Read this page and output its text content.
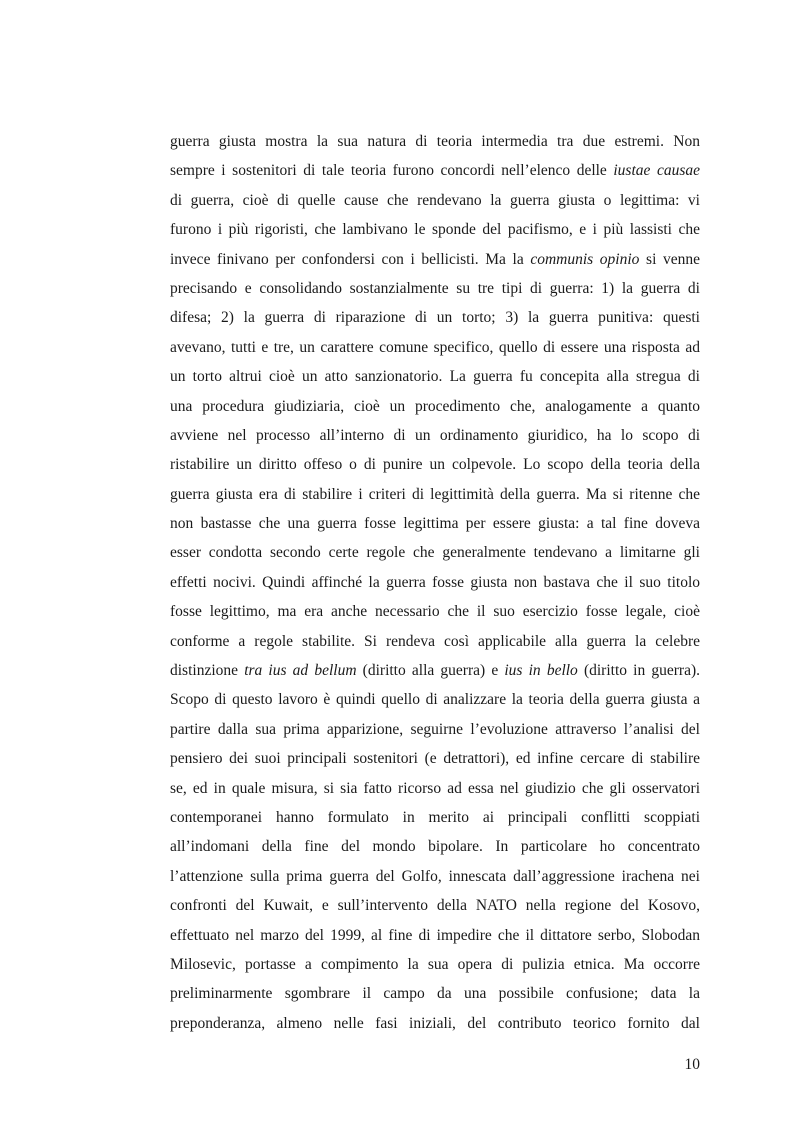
guerra giusta mostra la sua natura di teoria intermedia tra due estremi. Non
sempre i sostenitori di tale teoria furono concordi nell’elenco delle iustae causae
di guerra, cioè di quelle cause che rendevano la guerra giusta o legittima: vi
furono i più rigoristi, che lambivano le sponde del pacifismo, e i più lassisti che
invece finivano per confondersi con i bellicisti. Ma la communis opinio si venne
precisando e consolidando sostanzialmente su tre tipi di guerra: 1) la guerra di
difesa; 2) la guerra di riparazione di un torto; 3) la guerra punitiva: questi
avevano, tutti e tre, un carattere comune specifico, quello di essere una risposta ad
un torto altrui cioè un atto sanzionatorio. La guerra fu concepita alla stregua di
una procedura giudiziaria, cioè un procedimento che, analogamente a quanto
avviene nel processo all’interno di un ordinamento giuridico, ha lo scopo di
ristabilire un diritto offeso o di punire un colpevole. Lo scopo della teoria della
guerra giusta era di stabilire i criteri di legittimità della guerra. Ma si ritenne che
non bastasse che una guerra fosse legittima per essere giusta: a tal fine doveva
esser condotta secondo certe regole che generalmente tendevano a limitarne gli
effetti nocivi. Quindi affinché la guerra fosse giusta non bastava che il suo titolo
fosse legittimo, ma era anche necessario che il suo esercizio fosse legale, cioè
conforme a regole stabilite. Si rendeva così applicabile alla guerra la celebre
distinzione tra ius ad bellum (diritto alla guerra) e ius in bello (diritto in guerra).
Scopo di questo lavoro è quindi quello di analizzare la teoria della guerra giusta a
partire dalla sua prima apparizione, seguirne l’evoluzione attraverso l’analisi del
pensiero dei suoi principali sostenitori (e detrattori), ed infine cercare di stabilire
se, ed in quale misura, si sia fatto ricorso ad essa nel giudizio che gli osservatori
contemporanei hanno formulato in merito ai principali conflitti scoppiati
all’indomani della fine del mondo bipolare. In particolare ho concentrato
l’attenzione sulla prima guerra del Golfo, innescata dall’aggressione irachena nei
confronti del Kuwait, e sull’intervento della NATO nella regione del Kosovo,
effettuato nel marzo del 1999, al fine di impedire che il dittatore serbo, Slobodan
Milosevic, portasse a compimento la sua opera di pulizia etnica. Ma occorre
preliminarmente sgombrare il campo da una possibile confusione; data la
preponderanza, almeno nelle fasi iniziali, del contributo teorico fornito dal
10
